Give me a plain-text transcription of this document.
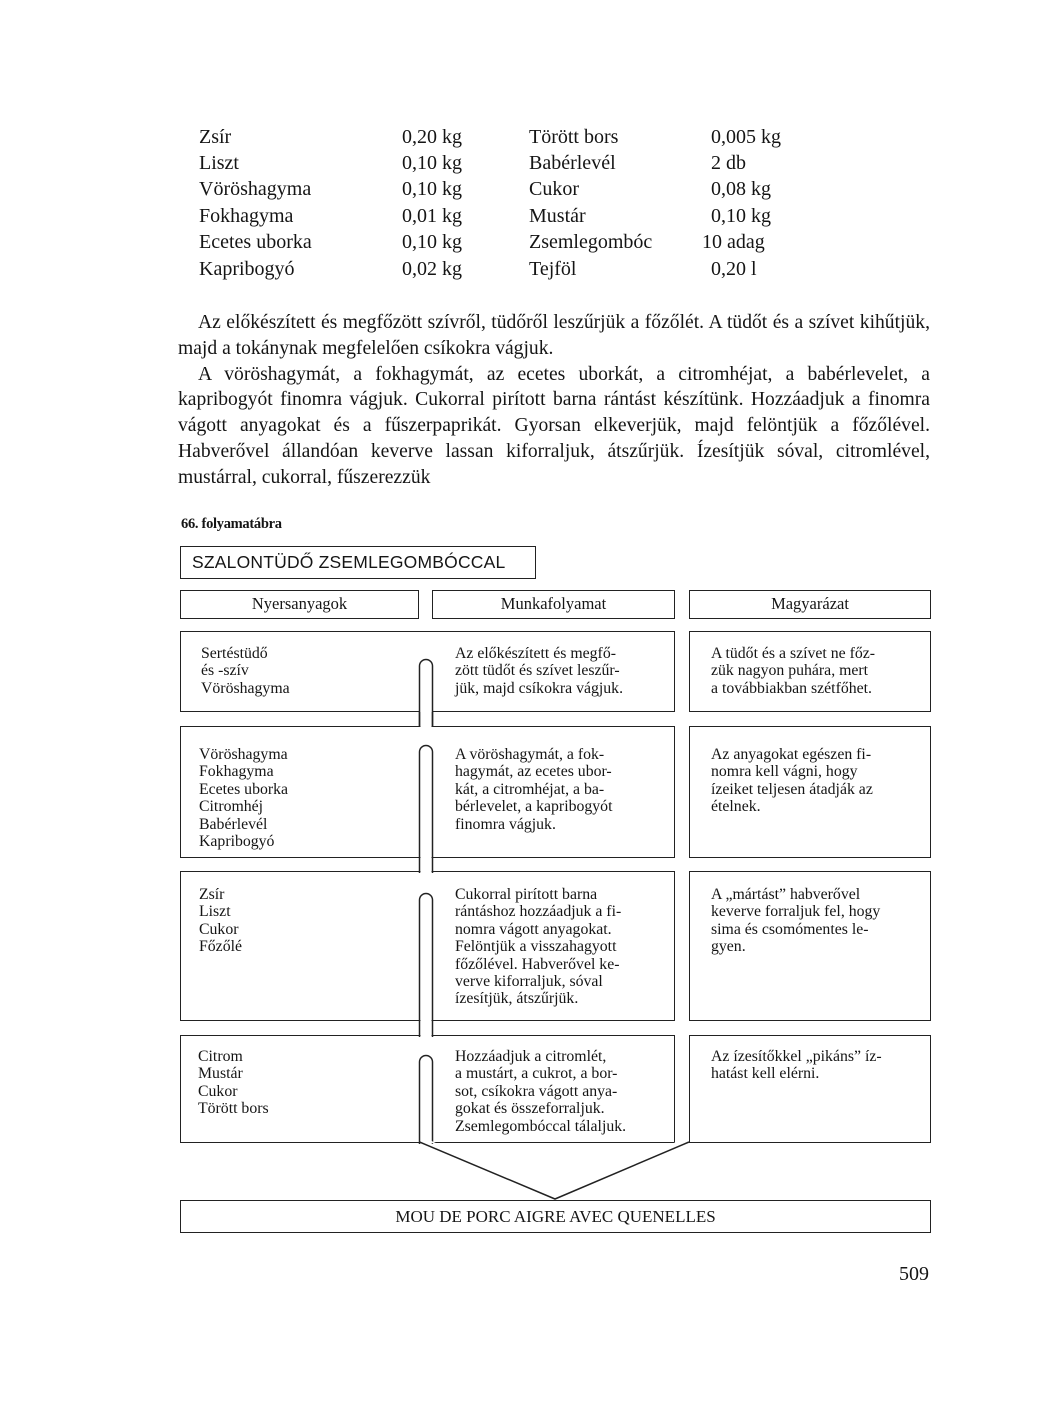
Zsír	0,20 kg	Törött bors	0,005 kg
Liszt	0,10 kg	Babérlevél	2 db
Vöröshagyma	0,10 kg	Cukor	0,08 kg
Fokhagyma	0,01 kg	Mustár	0,10 kg
Ecetes uborka	0,10 kg	Zsemlegombóc 10 adag
Kapribogyó	0,02 kg	Tejföl	0,20 l

Az előkészített és megfőzött szívről, tüdőről leszűrjük a főzőlét. A tüdőt és a szívet kihűtjük, majd a tokánynak megfelelően csíkokra vágjuk.

A vöröshagymát, a fokhagymát, az ecetes uborkát, a citromhéjat, a babérlevelet, a kapribogyót finomra vágjuk. Cukorral pirított barna rántást készítünk. Hozzáadjuk a finomra vágott anyagokat és a fűszerpaprikát. Gyorsan elkeverjük, majd felöntjük a főzőlével. Habverővel állandóan keverve lassan kiforraljuk, átszűrjük. Ízesítjük sóval, citromlével, mustárral, cukorral, fűszerezzük

66. folyamatábra
SZALONTÜDŐ ZSEMLEGOMBÓCCAL
Nyersanyagok	Munkafolyamat	Magyarázat
Sertéstüdő
és -szív
Vöröshagyma
Az előkészített és megfő-
zött tüdőt és szívet leszűr-
jük, majd csíkokra vágjuk.
A tüdőt és a szívet ne főz-
zük nagyon puhára, mert
a továbbiakban szétfőhet.
Vöröshagyma
Fokhagyma
Ecetes uborka
Citromhéj
Babérlevél
Kapribogyó
A vöröshagymát, a fok-
hagymát, az ecetes ubor-
kát, a citromhéjat, a ba-
bérlevelet, a kapribogyót
finomra vágjuk.
Az anyagokat egészen fi-
nomra kell vágni, hogy
ízeiket teljesen átadják az
ételnek.
Zsír
Liszt
Cukor
Főzőlé
Cukorral pirított barna
rántáshoz hozzáadjuk a fi-
nomra vágott anyagokat.
Felöntjük a visszahagyott
főzőlével. Habverővel ke-
verve kiforraljuk, sóval
ízesítjük, átszűrjük.
A „mártást” habverővel
keverve forraljuk fel, hogy
sima és csomómentes le-
gyen.
Citrom
Mustár
Cukor
Törött bors
Hozzáadjuk a citromlét,
a mustárt, a cukrot, a bor-
sot, csíkokra vágott anya-
gokat és összeforraljuk.
Zsemlegombóccal tálaljuk.
Az ízesítőkkel „pikáns” íz-
hatást kell elérni.
MOU DE PORC AIGRE AVEC QUENELLES
509
